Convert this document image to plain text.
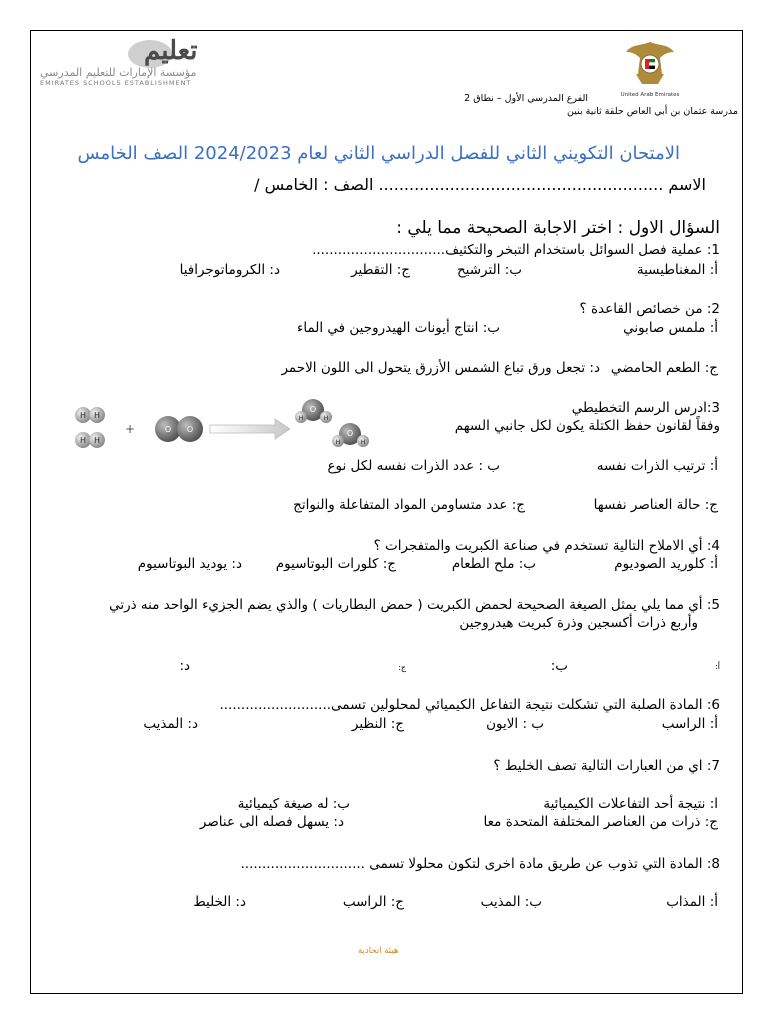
United Arab Emirates
الفرع المدرسي الأول – نطاق 2
مدرسة عثمان بن أبي العاص حلقة ثانية بنين
تعليم
مؤسسة الإمارات للتعليم المدرسي
EMIRATES SCHOOLS ESTABLISHMENT
الامتحان التكويني الثاني للفصل الدراسي الثاني لعام 2024/2023 الصف الخامس
الاسم ........................................................ الصف : الخامس /
السؤال الاول : اختر الاجابة الصحيحة مما يلي :
1: عملية فصل السوائل باستخدام التبخر والتكثيف...............................
أ: المغناطيسية
ب: الترشيح
ج: التقطير
د: الكروماتوجرافيا
2: من خصائص القاعدة ؟
أ: ملمس صابوني
ب: انتاج أيونات الهيدروجين في الماء
ج: الطعم الحامضي
د: تجعل ورق تباع الشمس الأزرق يتحول الى اللون الاحمر
3:ادرس الرسم التخطيطي
وفقاً لقانون حفظ الكتلة يكون لكل جانبي السهم
H H
H H
+	O O
O
H	H
O
H	H
أ: ترتيب الذرات نفسه
ب : عدد الذرات نفسه لكل نوع
ج: حالة العناصر نفسها
ج: عدد متساومن المواد المتفاعلة والنواتج
4: أي الاملاح التالية تستخدم في صناعة الكبريت والمتفجرات ؟
أ: كلوريد الصوديوم
ب: ملح الطعام
ج: كلورات البوتاسيوم
د: يوديد البوتاسيوم
5: أي مما يلي يمثل الصيغة الصحيحة لحمض الكبريت ( حمض البطاريات ) والذي يضم الجزيء الواحد منه ذرتي
وأربع ذرات أكسجين وذرة كبريت هيدروجين
أ:
ب:
ج:
د:
6: المادة الصلبة التي تشكلت نتيجة التفاعل الكيميائي لمحلولين تسمى..........................
أ: الراسب
ب : الايون
ج: النظير
د: المذيب
7: اي من العبارات التالية تصف الخليط ؟
ا: نتيجة أحد التفاعلات الكيميائية
ب: له صيغة كيميائية
ج: ذرات من العناصر المختلفة المتحدة معا
د: يسهل فصله الى عناصر
8: المادة التي تذوب عن طريق مادة اخرى لتكون محلولا تسمى .............................
أ: المذاب
ب: المذيب
ج: الراسب
د: الخليط
هيئة اتحادية
